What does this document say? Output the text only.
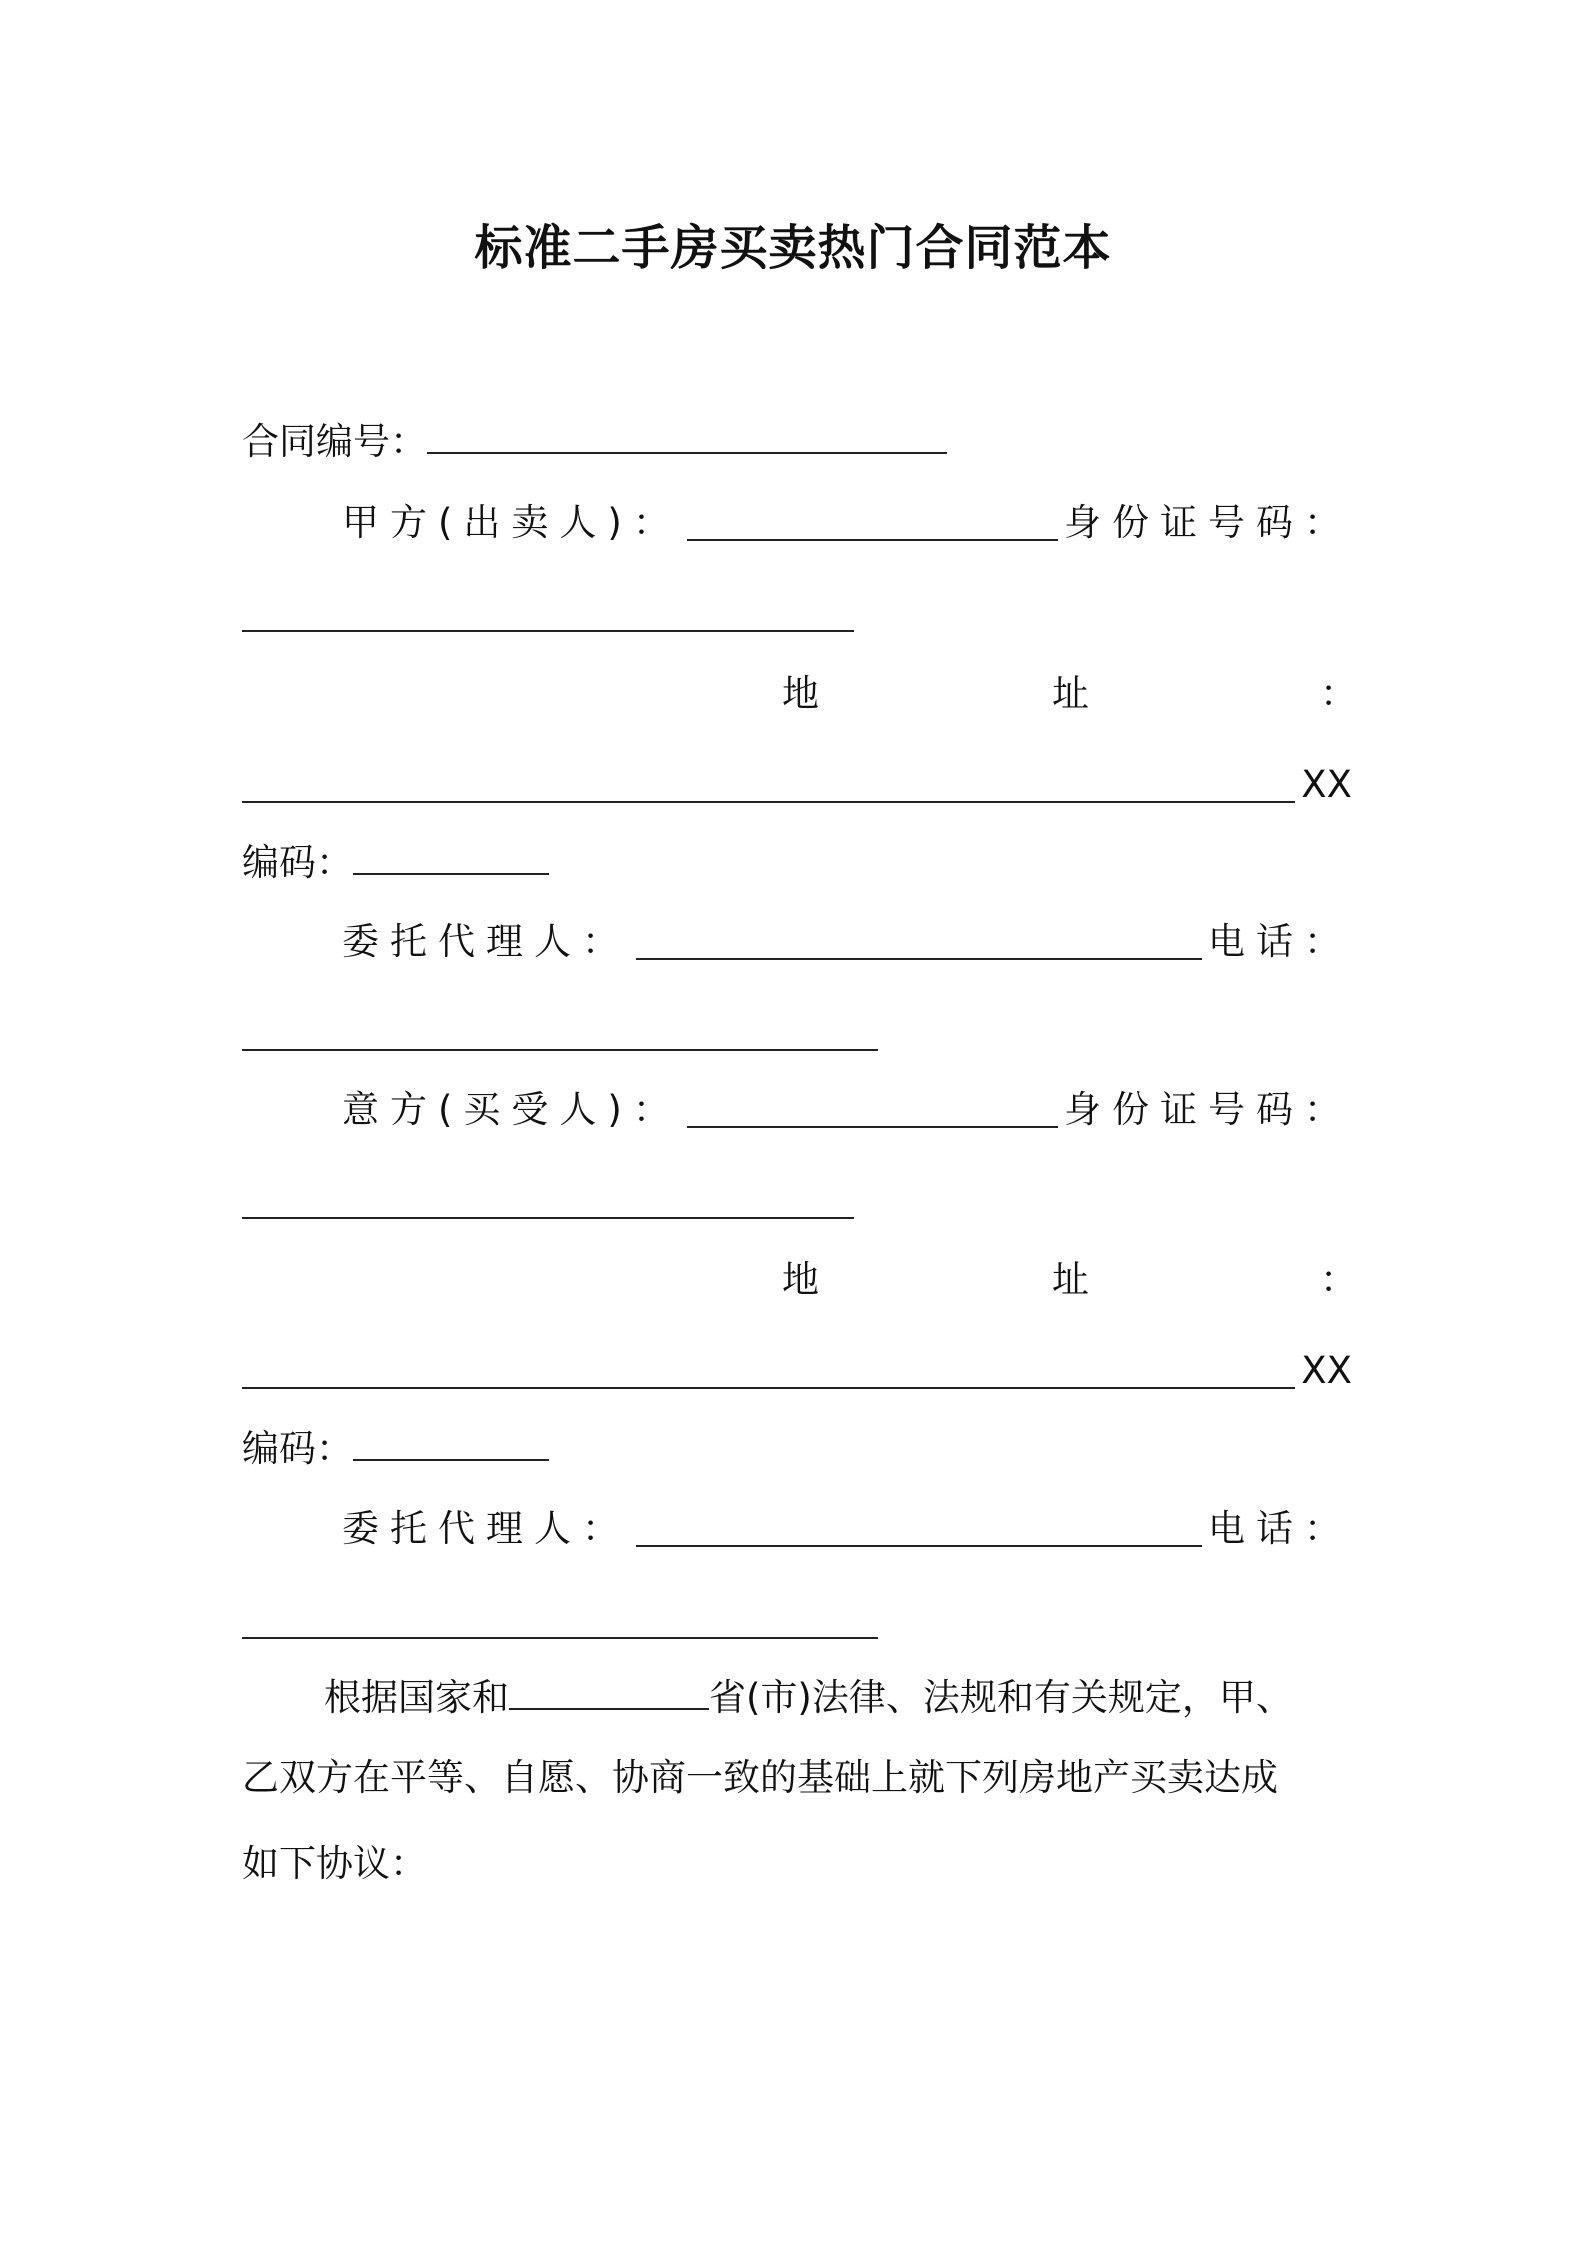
标准二手房买卖热门合同范本
合同编号：
甲方(出卖人)：	身份证号码：
地	址	：
XX
编码：
委托代理人：	电话：
意方(买受人)：	身份证号码：
地	址	：
XX
编码：
委托代理人：	电话：
根据国家和	省(市)法律、法规和有关规定，甲、
乙双方在平等、自愿、协商一致的基础上就下列房地产买卖达成
如下协议：
